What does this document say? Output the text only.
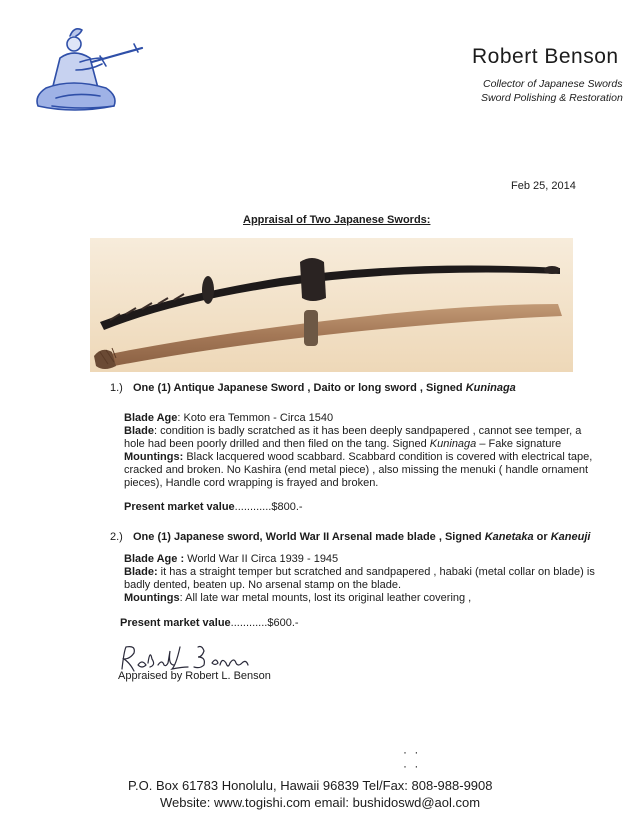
Robert Benson
Collector of Japanese Swords
Sword Polishing & Restoration
Feb 25, 2014
Appraisal of Two Japanese Swords:
1.) One (1) Antique Japanese Sword , Daito or long sword , Signed Kuninaga
Blade Age: Koto era Temmon - Circa 1540
Blade: condition is badly scratched as it has been deeply sandpapered , cannot see temper, a
hole had been poorly drilled and then filed on the tang. Signed Kuninaga – Fake signature
Mountings: Black lacquered wood scabbard. Scabbard condition is covered with electrical tape,
cracked and broken. No Kashira (end metal piece) , also missing the menuki ( handle ornament
pieces), Handle cord wrapping is frayed and broken.
Present market value............$800.-
2.) One (1) Japanese sword, World War II Arsenal made blade , Signed Kanetaka or Kaneuji
Blade Age : World War II Circa 1939 - 1945
Blade: it has a straight temper but scratched and sandpapered , habaki (metal collar on blade) is
badly dented, beaten up. No arsenal stamp on the blade.
Mountings: All late war metal mounts, lost its original leather covering ,
Present market value............$600.-
Appraised by Robert L. Benson
· ·
· ·
P.O. Box 61783 Honolulu, Hawaii 96839 Tel/Fax: 808-988-9908
Website: www.togishi.com email: bushidoswd@aol.com
